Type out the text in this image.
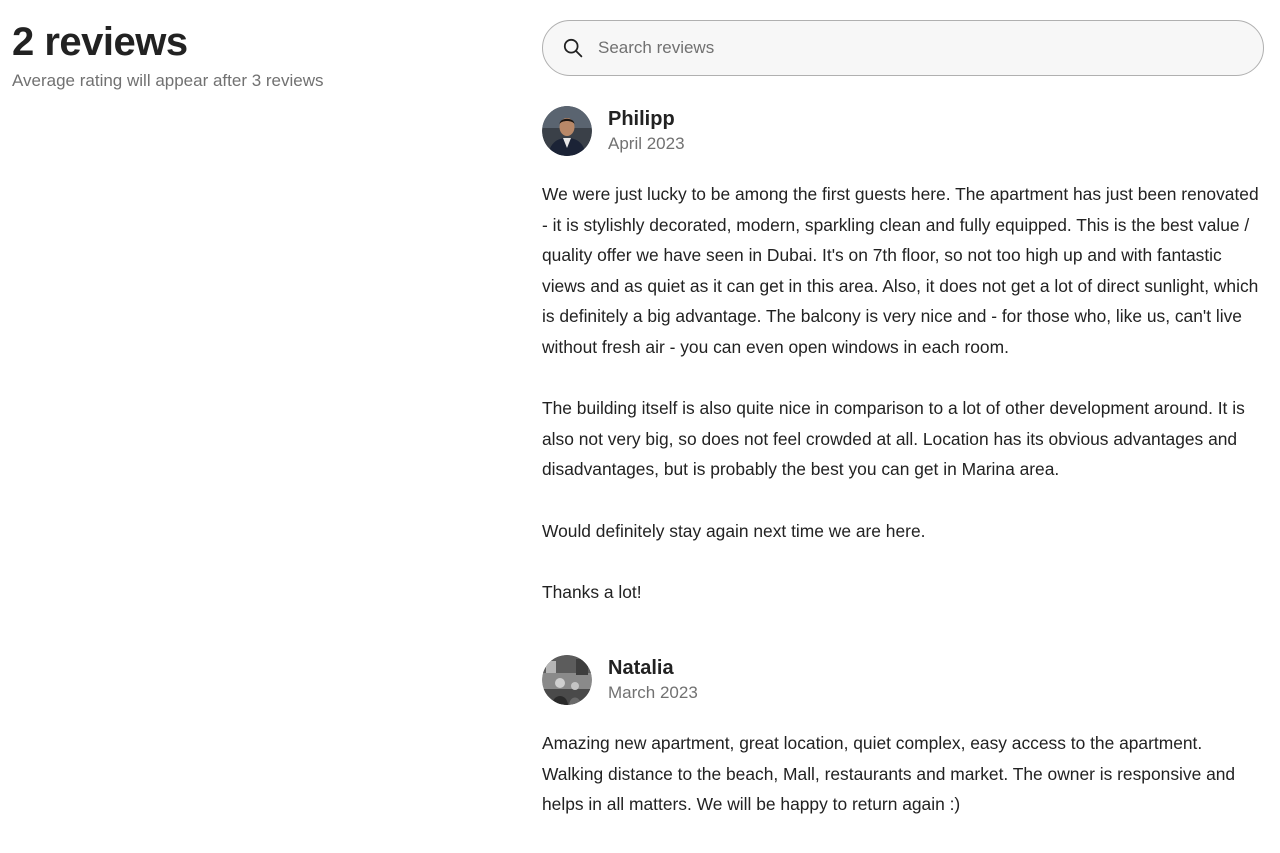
2 reviews
Average rating will appear after 3 reviews
Search reviews
Philipp
April 2023

We were just lucky to be among the first guests here. The apartment has just been renovated - it is stylishly decorated, modern, sparkling clean and fully equipped. This is the best value / quality offer we have seen in Dubai. It's on 7th floor, so not too high up and with fantastic views and as quiet as it can get in this area. Also, it does not get a lot of direct sunlight, which is definitely a big advantage. The balcony is very nice and - for those who, like us, can't live without fresh air - you can even open windows in each room.

The building itself is also quite nice in comparison to a lot of other development around. It is also not very big, so does not feel crowded at all. Location has its obvious advantages and disadvantages, but is probably the best you can get in Marina area.

Would definitely stay again next time we are here.

Thanks a lot!

Natalia
March 2023

Amazing new apartment, great location, quiet complex, easy access to the apartment. Walking distance to the beach, Mall, restaurants and market. The owner is responsive and helps in all matters. We will be happy to return again :)
